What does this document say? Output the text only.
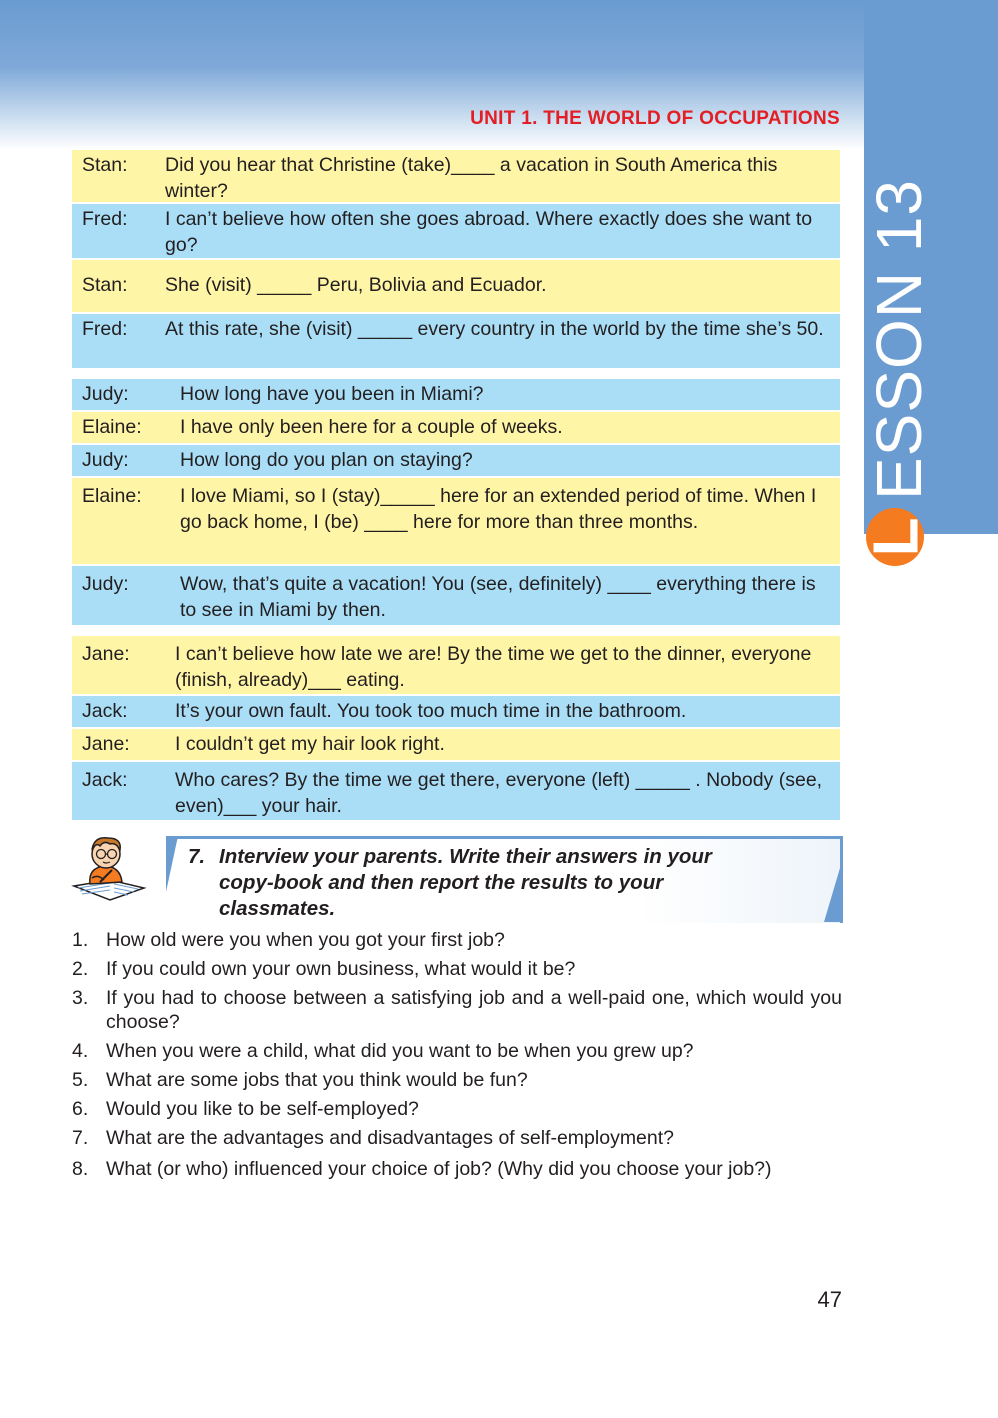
UNIT 1. THE WORLD OF OCCUPATIONS
L
ESSON 13
Stan:	Did you hear that Christine (take)____ a vacation in South America this winter?
Fred:	I can’t believe how often she goes abroad. Where exactly does she want to go?
Stan:	She (visit) _____ Peru, Bolivia and Ecuador.
Fred:	At this rate, she (visit) _____ every country in the world by the time she’s 50.
Judy:	How long have you been in Miami?
Elaine:	I have only been here for a couple of weeks.
Judy:	How long do you plan on staying?
Elaine:	I love Miami, so I (stay)_____ here for an extended period of time. When I go back home, I (be) ____ here for more than three months.
Judy:	Wow, that’s quite a vacation! You (see, definitely) ____ everything there is to see in Miami by then.
Jane:	I can’t believe how late we are! By the time we get to the dinner, everyone (finish, already)___ eating.
Jack:	It’s your own fault. You took too much time in the bathroom.
Jane:	I couldn’t get my hair look right.
Jack:	Who cares? By the time we get there, everyone (left) _____ . Nobody (see, even)___ your hair.
7. Interview your parents. Write their answers in your
copy-book and then report the results to your
classmates.
1. How old were you when you got your first job?
2. If you could own your own business, what would it be?
3. If you had to choose between a satisfying job and a well-paid one, which would you choose?
4. When you were a child, what did you want to be when you grew up?
5. What are some jobs that you think would be fun?
6. Would you like to be self-employed?
7. What are the advantages and disadvantages of self-employment?
8. What (or who) influenced your choice of job? (Why did you choose your job?)
47
